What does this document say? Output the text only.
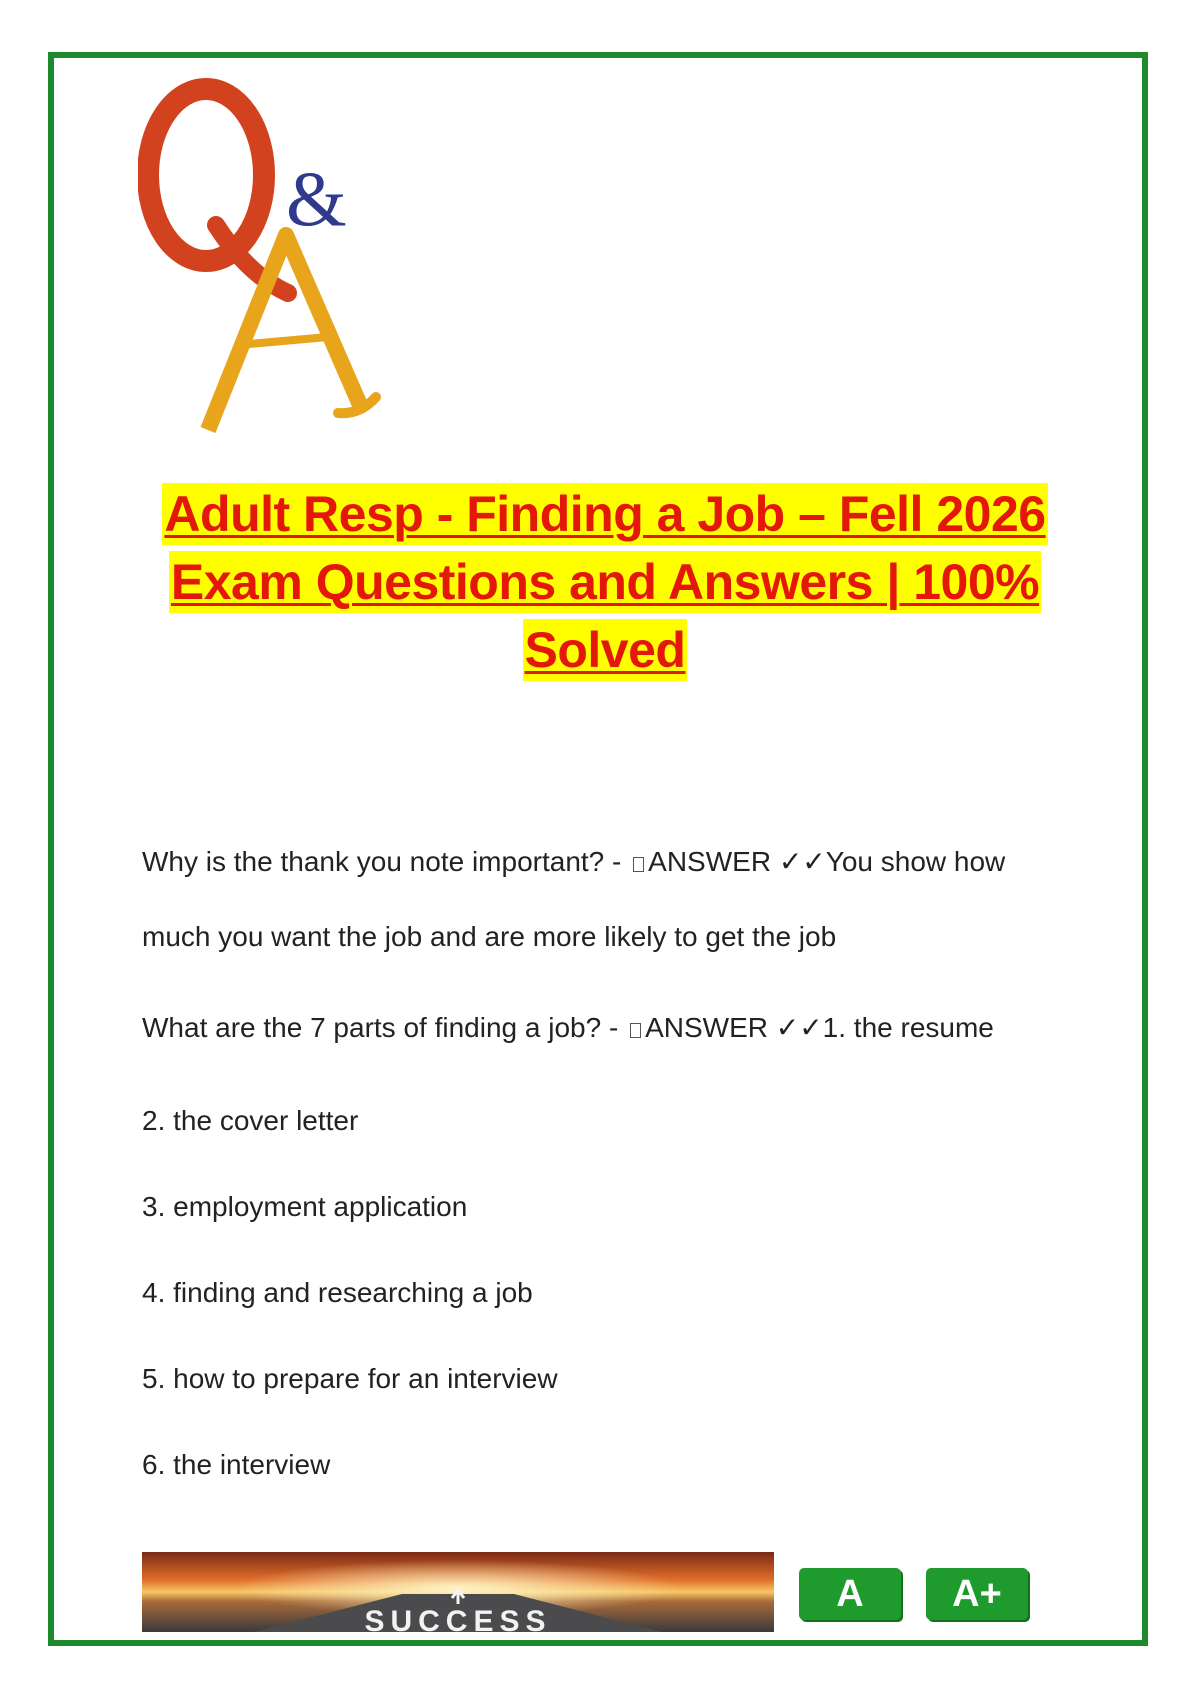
&
Adult Resp - Finding a Job – Fell 2026
Exam Questions and Answers | 100%
Solved
Why is the thank you note important? - ANSWER ✓✓You show how
much you want the job and are more likely to get the job
What are the 7 parts of finding a job? - ANSWER ✓✓1. the resume
2. the cover letter
3. employment application
4. finding and researching a job
5. how to prepare for an interview
6. the interview
SUCCESS
A	A+
